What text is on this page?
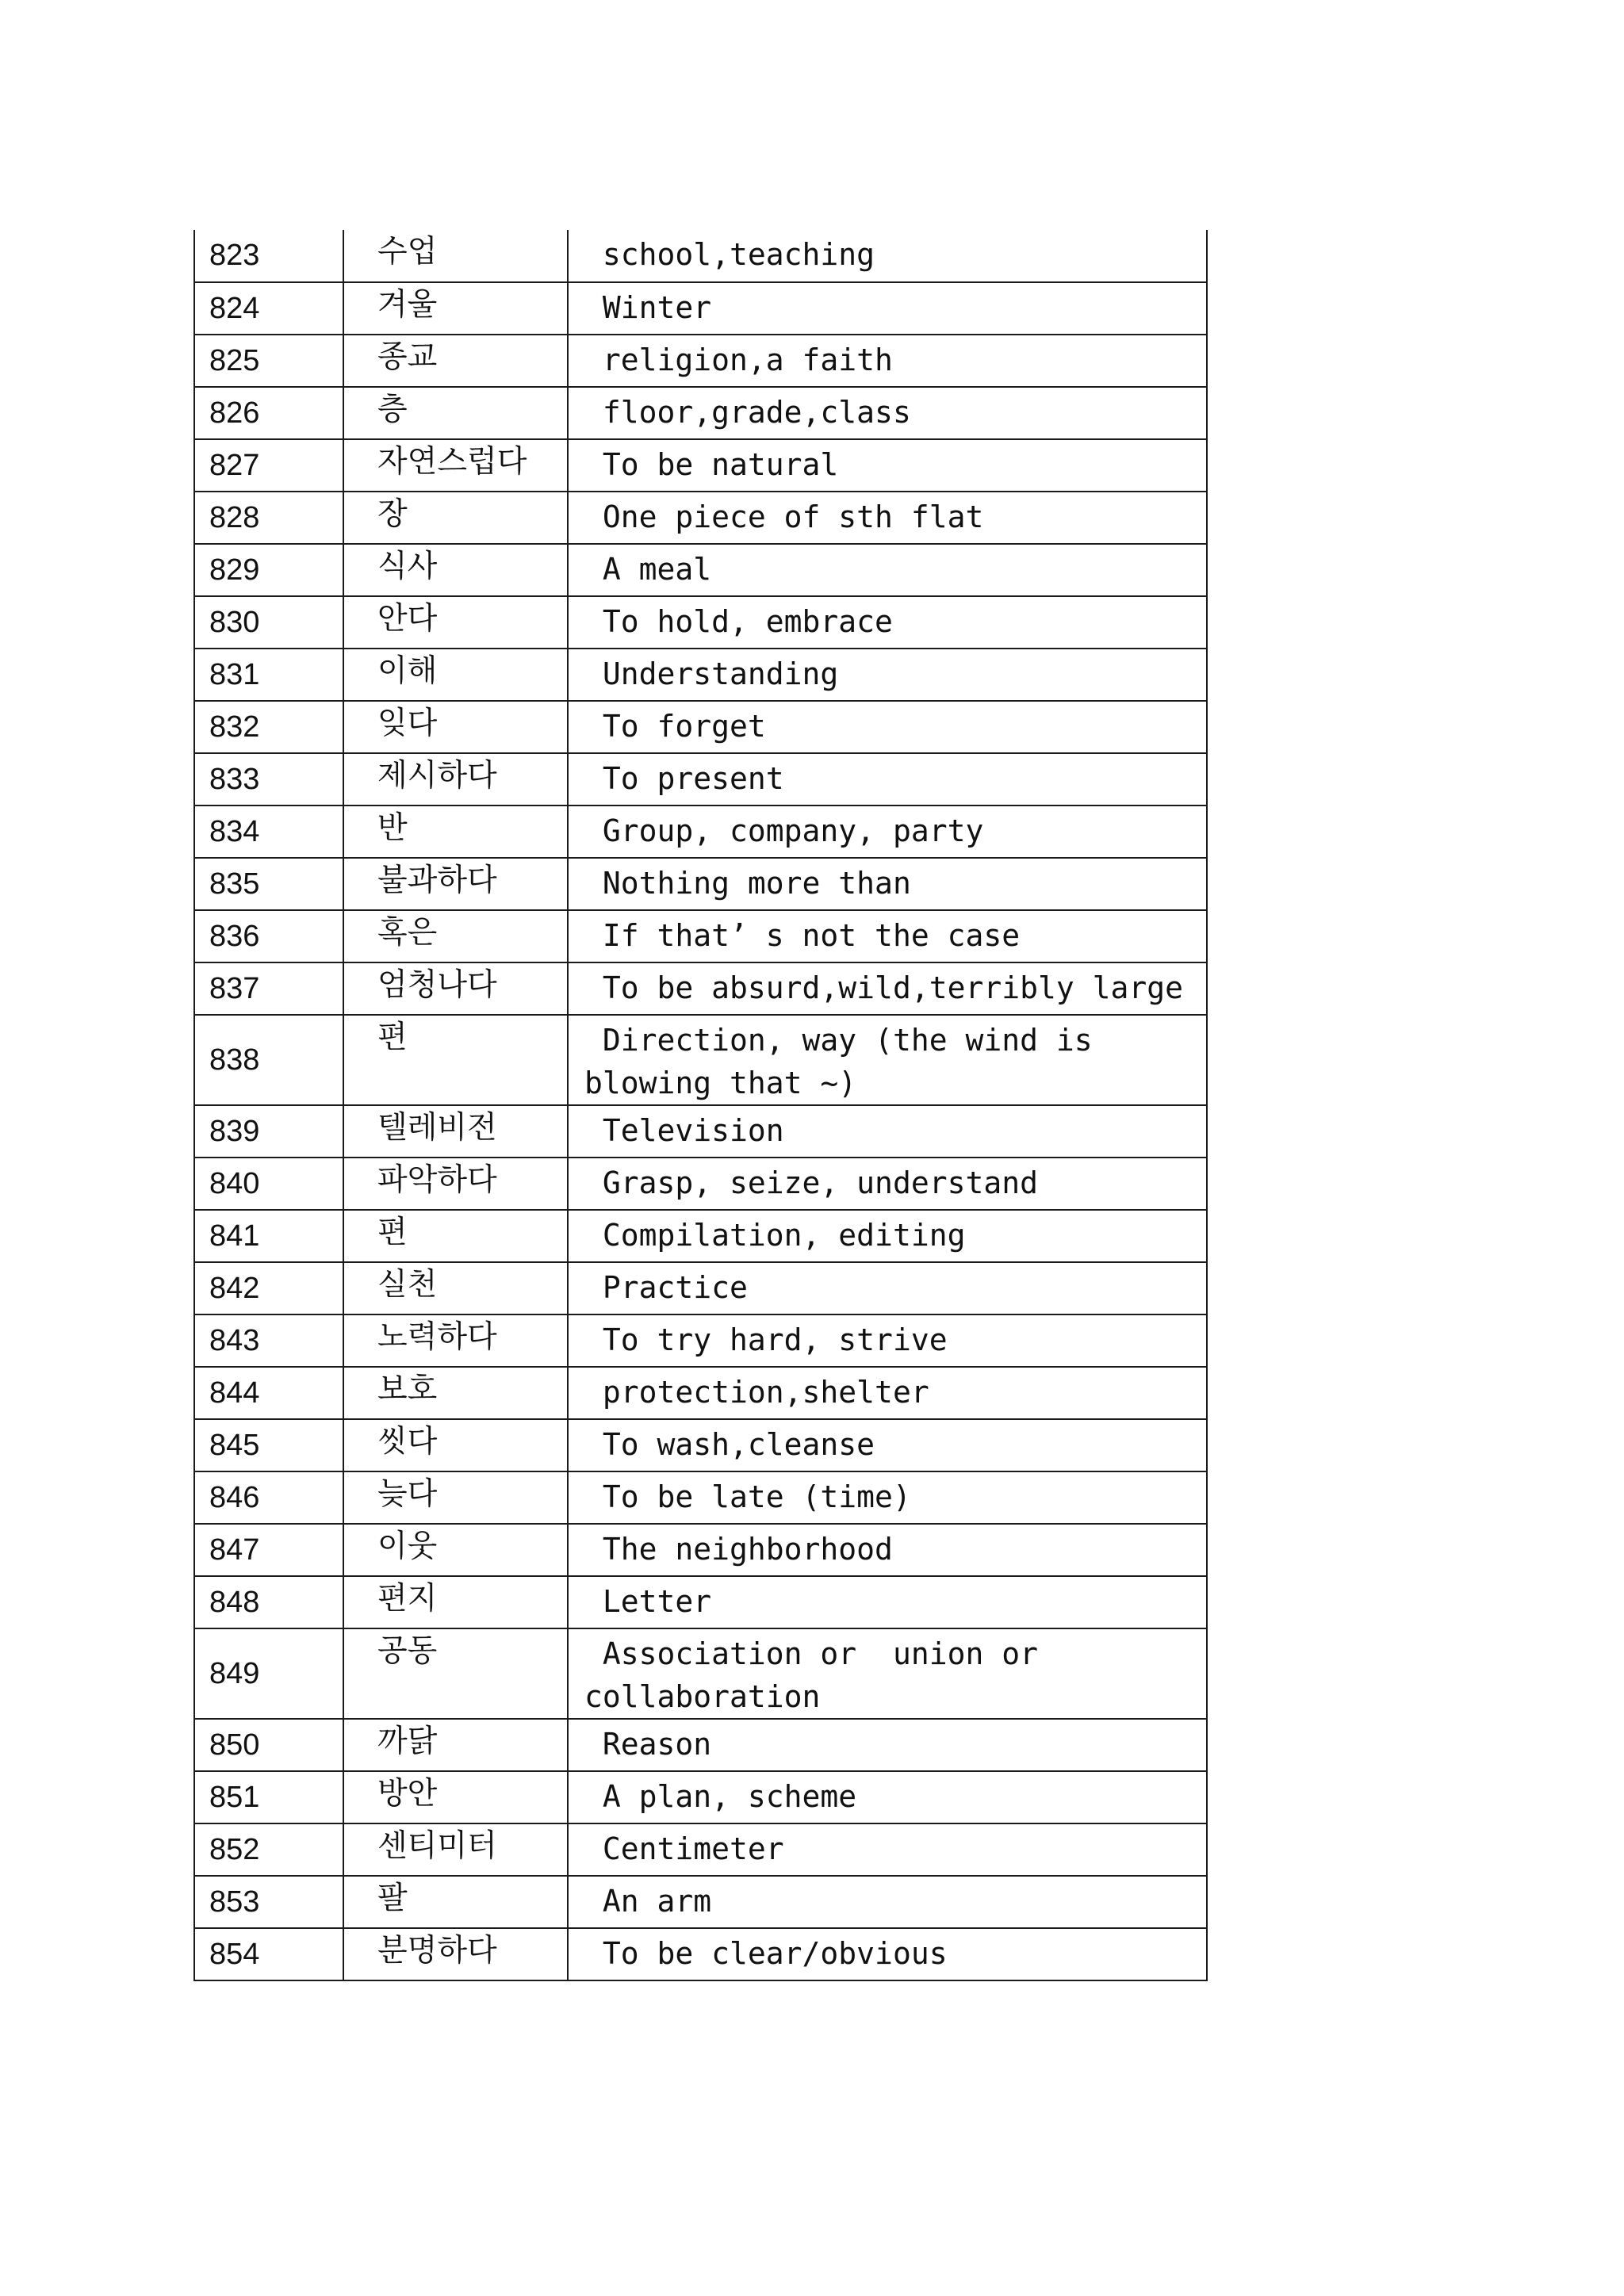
823	수업	school,teaching
824	겨울	Winter
825	종교	religion,a faith
826	층	floor,grade,class
827	자연스럽다	To be natural
828	장	One piece of sth flat
829	식사	A meal
830	안다	To hold, embrace
831	이해	Understanding
832	잊다	To forget
833	제시하다	To present
834	반	Group, company, party
835	불과하다	Nothing more than
836	혹은	If that’ s not the case
837	엄청나다	To be absurd,wild,terribly large
838	편	Direction, way (the wind is blowing that ~)
839	텔레비전	Television
840	파악하다	Grasp, seize, understand
841	편	Compilation, editing
842	실천	Practice
843	노력하다	To try hard, strive
844	보호	protection,shelter
845	씻다	To wash,cleanse
846	늦다	To be late (time)
847	이웃	The neighborhood
848	편지	Letter
849	공동	Association or  union or collaboration
850	까닭	Reason
851	방안	A plan, scheme
852	센티미터	Centimeter
853	팔	An arm
854	분명하다	To be clear/obvious
